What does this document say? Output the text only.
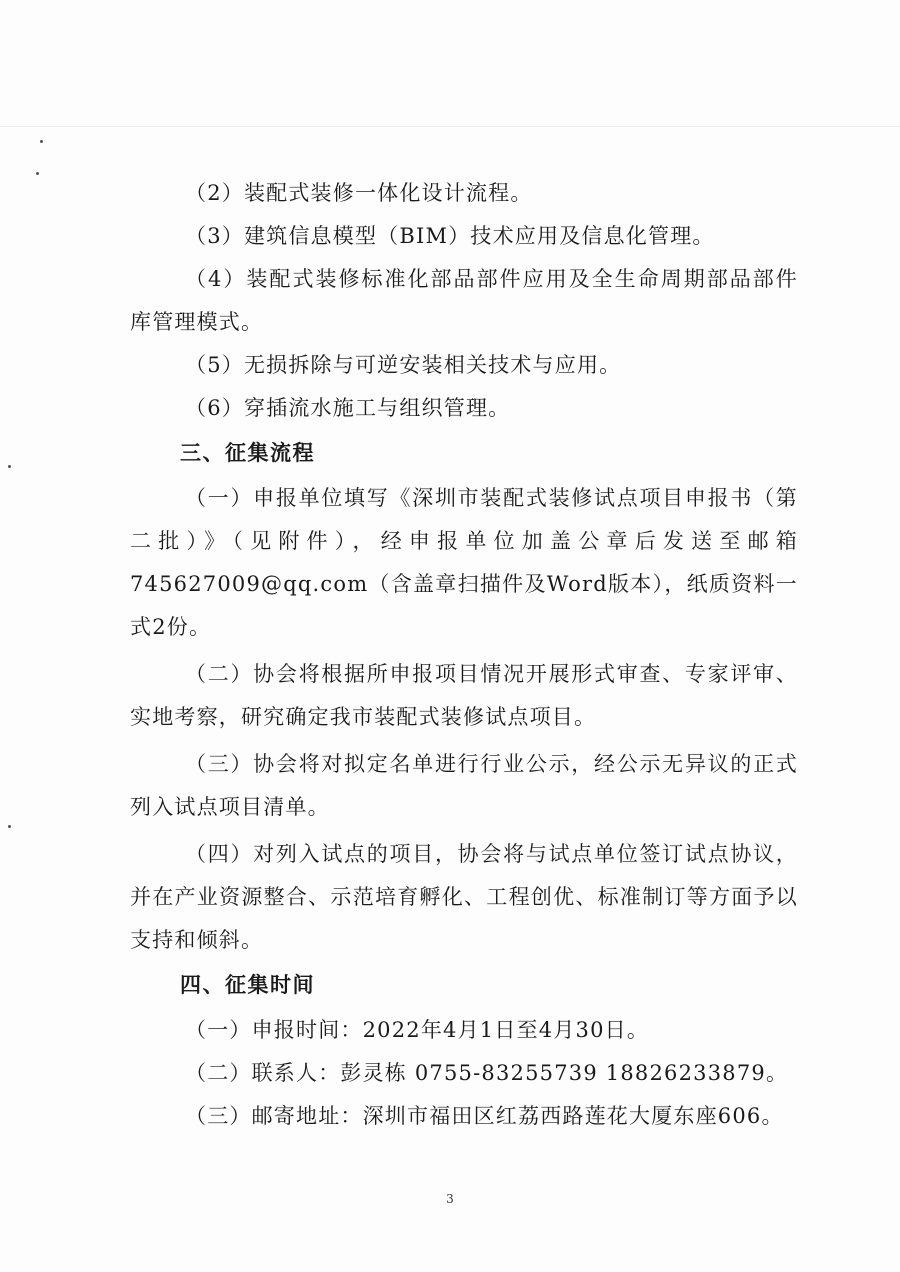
（2）装配式装修一体化设计流程。

（3）建筑信息模型（BIM）技术应用及信息化管理。

（4）装配式装修标准化部品部件应用及全生命周期部品部件库管理模式。

（5）无损拆除与可逆安装相关技术与应用。

（6）穿插流水施工与组织管理。

三、征集流程

（一）申报单位填写《深圳市装配式装修试点项目申报书（第二批）》（见附件），经申报单位加盖公章后发送至邮箱745627009@qq.com（含盖章扫描件及Word版本），纸质资料一式2份。

（二）协会将根据所申报项目情况开展形式审查、专家评审、实地考察，研究确定我市装配式装修试点项目。

（三）协会将对拟定名单进行行业公示，经公示无异议的正式列入试点项目清单。

（四）对列入试点的项目，协会将与试点单位签订试点协议，并在产业资源整合、示范培育孵化、工程创优、标准制订等方面予以支持和倾斜。

四、征集时间

（一）申报时间：2022年4月1日至4月30日。

（二）联系人：彭灵栋 0755-83255739 18826233879。

（三）邮寄地址：深圳市福田区红荔西路莲花大厦东座606。

3
